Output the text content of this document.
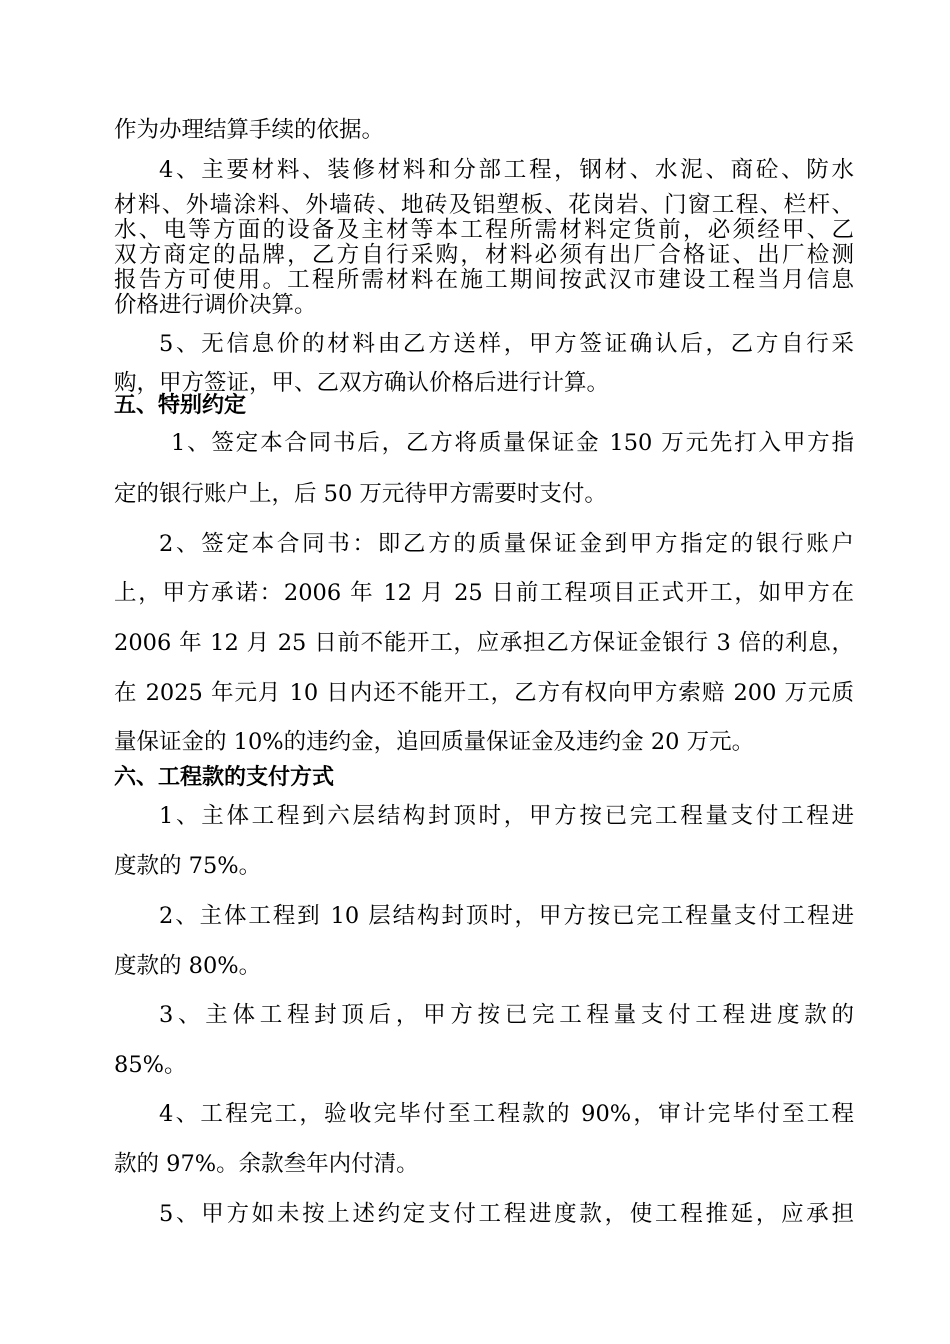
作为办理结算手续的依据。
4、主要材料、装修材料和分部工程，钢材、水泥、商砼、防水
材料、外墙涂料、外墙砖、地砖及铝塑板、花岗岩、门窗工程、栏杆、
水、电等方面的设备及主材等本工程所需材料定货前，必须经甲、乙
双方商定的品牌，乙方自行采购，材料必须有出厂合格证、出厂检测
报告方可使用。工程所需材料在施工期间按武汉市建设工程当月信息
价格进行调价决算。
5、无信息价的材料由乙方送样，甲方签证确认后，乙方自行采
购，甲方签证，甲、乙双方确认价格后进行计算。
五、特别约定
1、签定本合同书后，乙方将质量保证金 150 万元先打入甲方指
定的银行账户上，后 50 万元待甲方需要时支付。
2、签定本合同书：即乙方的质量保证金到甲方指定的银行账户
上，甲方承诺：2006 年 12 月 25 日前工程项目正式开工，如甲方在
2006 年 12 月 25 日前不能开工，应承担乙方保证金银行 3 倍的利息，
在 2025 年元月 10 日内还不能开工，乙方有权向甲方索赔 200 万元质
量保证金的 10%的违约金，追回质量保证金及违约金 20 万元。
六、工程款的支付方式
1、主体工程到六层结构封顶时，甲方按已完工程量支付工程进
度款的 75%。
2、主体工程到 10 层结构封顶时，甲方按已完工程量支付工程进
度款的 80%。
3、主体工程封顶后，甲方按已完工程量支付工程进度款的
85%。
4、工程完工，验收完毕付至工程款的 90%，审计完毕付至工程
款的 97%。余款叁年内付清。
5、甲方如未按上述约定支付工程进度款，使工程推延，应承担
